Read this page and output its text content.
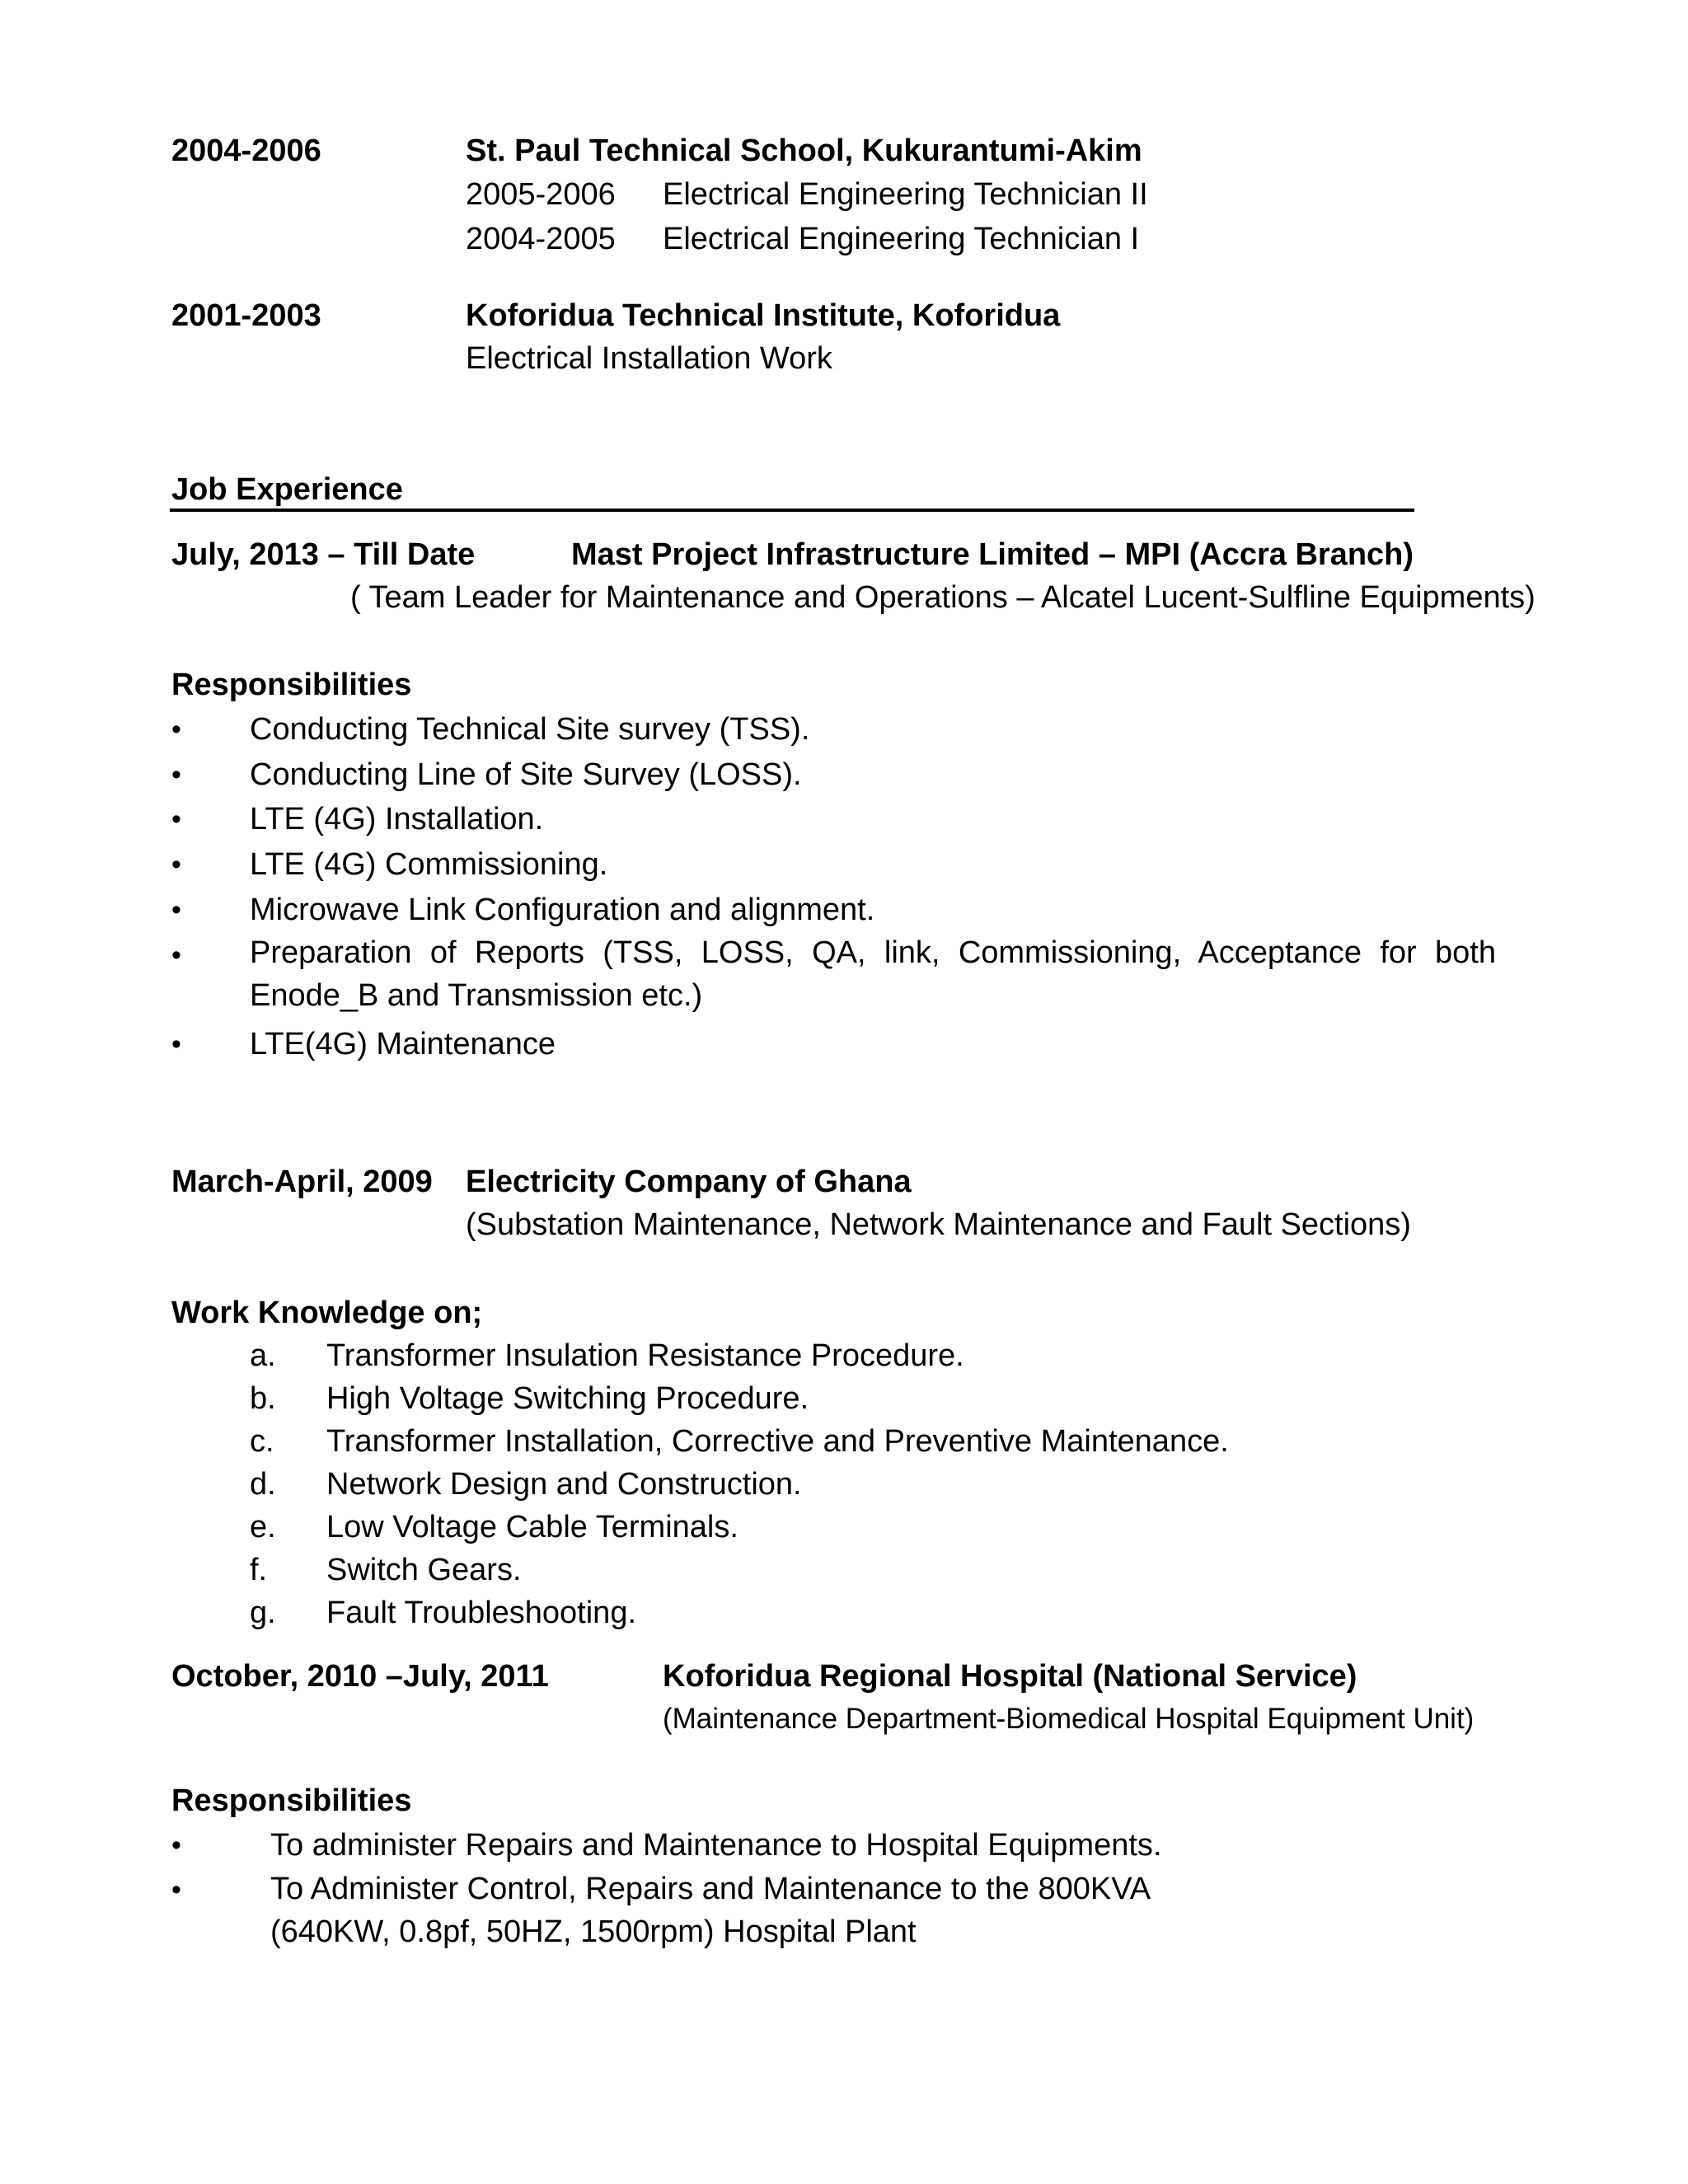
2004-2006	St. Paul Technical School, Kukurantumi-Akim
2005-2006 Electrical Engineering Technician II
2004-2005 Electrical Engineering Technician I
2001-2003	Koforidua Technical Institute, Koforidua
Electrical Installation Work
Job Experience
July, 2013 – Till Date	Mast Project Infrastructure Limited – MPI (Accra Branch)
( Team Leader for Maintenance and Operations – Alcatel Lucent-Sulfline Equipments)
Responsibilities
• Conducting Technical Site survey (TSS).
• Conducting Line of Site Survey (LOSS).
• LTE (4G) Installation.
• LTE (4G) Commissioning.
• Microwave Link Configuration and alignment.
• Preparation of Reports (TSS, LOSS, QA, link, Commissioning, Acceptance for both Enode_B and Transmission etc.)
• LTE(4G) Maintenance
March-April, 2009 Electricity Company of Ghana
(Substation Maintenance, Network Maintenance and Fault Sections)
Work Knowledge on;
a. Transformer Insulation Resistance Procedure.
b. High Voltage Switching Procedure.
c. Transformer Installation, Corrective and Preventive Maintenance.
d. Network Design and Construction.
e. Low Voltage Cable Terminals.
f. Switch Gears.
g. Fault Troubleshooting.
October, 2010 –July, 2011	Koforidua Regional Hospital (National Service)
(Maintenance Department-Biomedical Hospital Equipment Unit)
Responsibilities
•	To administer Repairs and Maintenance to Hospital Equipments.
•	To Administer Control, Repairs and Maintenance to the 800KVA (640KW, 0.8pf, 50HZ, 1500rpm) Hospital Plant
